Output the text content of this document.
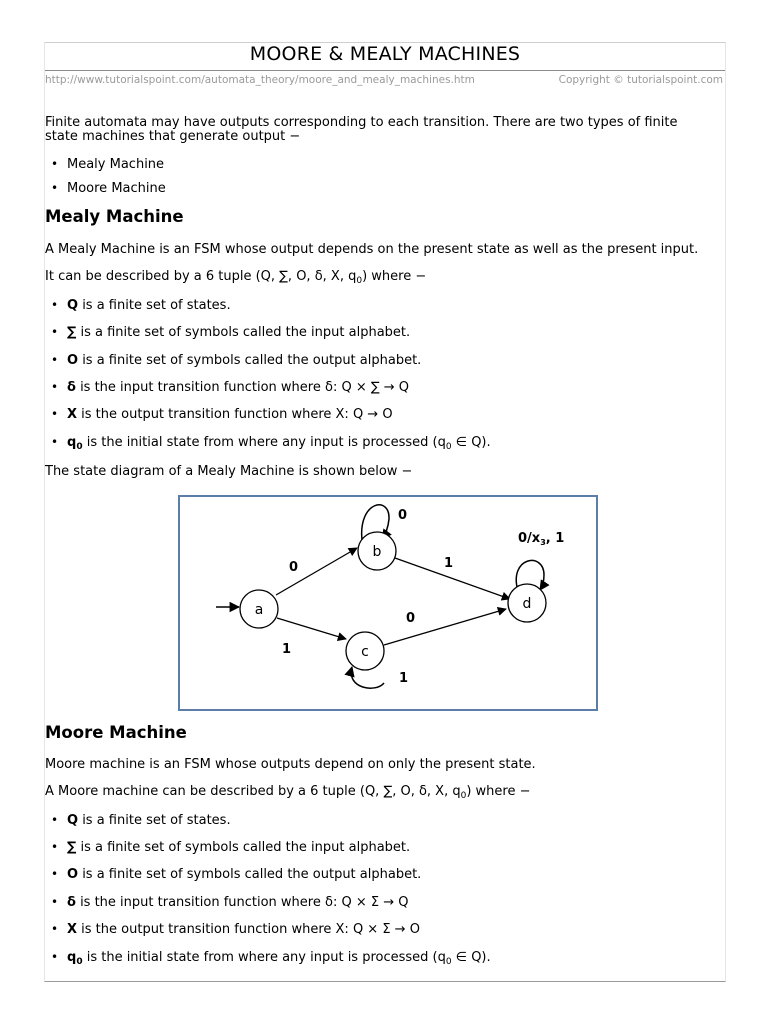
MOORE & MEALY MACHINES
http://www.tutorialspoint.com/automata_theory/moore_and_mealy_machines.htm	Copyright © tutorialspoint.com
Finite automata may have outputs corresponding to each transition. There are two types of finite
state machines that generate output −
• Mealy Machine
• Moore Machine
Mealy Machine
A Mealy Machine is an FSM whose output depends on the present state as well as the present input.
It can be described by a 6 tuple (Q, ∑, O, δ, X, $q_0$) where −
• Q is a finite set of states.
• ∑ is a finite set of symbols called the input alphabet.
• O is a finite set of symbols called the output alphabet.
• δ is the input transition function where δ: Q × ∑ → Q
• X is the output transition function where X: Q → O
• $q_0$ is the initial state from where any input is processed ($q_0$ ∈ Q).
The state diagram of a Mealy Machine is shown below −
a
b
c
d
0
1
0
1
0
1
$0/x_3$, 1
Moore Machine
Moore machine is an FSM whose outputs depend on only the present state.
A Moore machine can be described by a 6 tuple (Q, ∑, O, δ, X, $q_0$) where −
• Q is a finite set of states.
• ∑ is a finite set of symbols called the input alphabet.
• O is a finite set of symbols called the output alphabet.
• δ is the input transition function where δ: Q × Σ → Q
• X is the output transition function where X: Q × Σ → O
• $q_0$ is the initial state from where any input is processed ($q_0$ ∈ Q).
